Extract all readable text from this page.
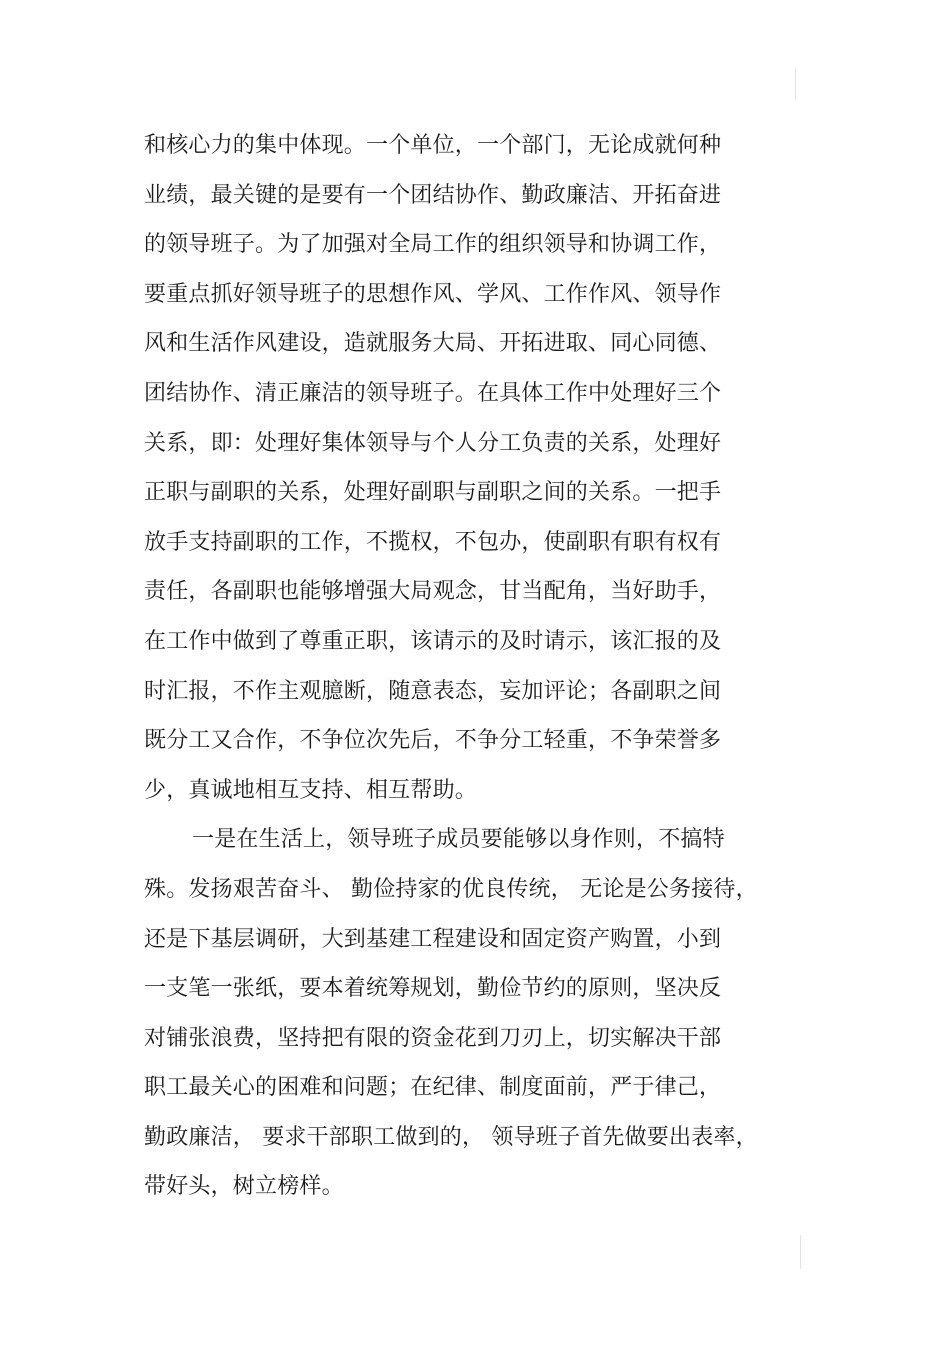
和核心力的集中体现。一个单位，一个部门，无论成就何种
业绩，最关键的是要有一个团结协作、勤政廉洁、开拓奋进
的领导班子。为了加强对全局工作的组织领导和协调工作，
要重点抓好领导班子的思想作风、学风、工作作风、领导作
风和生活作风建设，造就服务大局、开拓进取、同心同德、
团结协作、清正廉洁的领导班子。在具体工作中处理好三个
关系，即：处理好集体领导与个人分工负责的关系，处理好
正职与副职的关系，处理好副职与副职之间的关系。一把手
放手支持副职的工作，不揽权，不包办，使副职有职有权有
责任，各副职也能够增强大局观念，甘当配角，当好助手，
在工作中做到了尊重正职，该请示的及时请示，该汇报的及
时汇报，不作主观臆断，随意表态，妄加评论；各副职之间
既分工又合作，不争位次先后，不争分工轻重，不争荣誉多
少，真诚地相互支持、相互帮助。
一是在生活上，领导班子成员要能够以身作则，不搞特
殊。发扬艰苦奋斗、 勤俭持家的优良传统， 无论是公务接待，
还是下基层调研，大到基建工程建设和固定资产购置，小到
一支笔一张纸，要本着统筹规划，勤俭节约的原则，坚决反
对铺张浪费，坚持把有限的资金花到刀刃上，切实解决干部
职工最关心的困难和问题；在纪律、制度面前，严于律己，
勤政廉洁， 要求干部职工做到的， 领导班子首先做要出表率，
带好头，树立榜样。
